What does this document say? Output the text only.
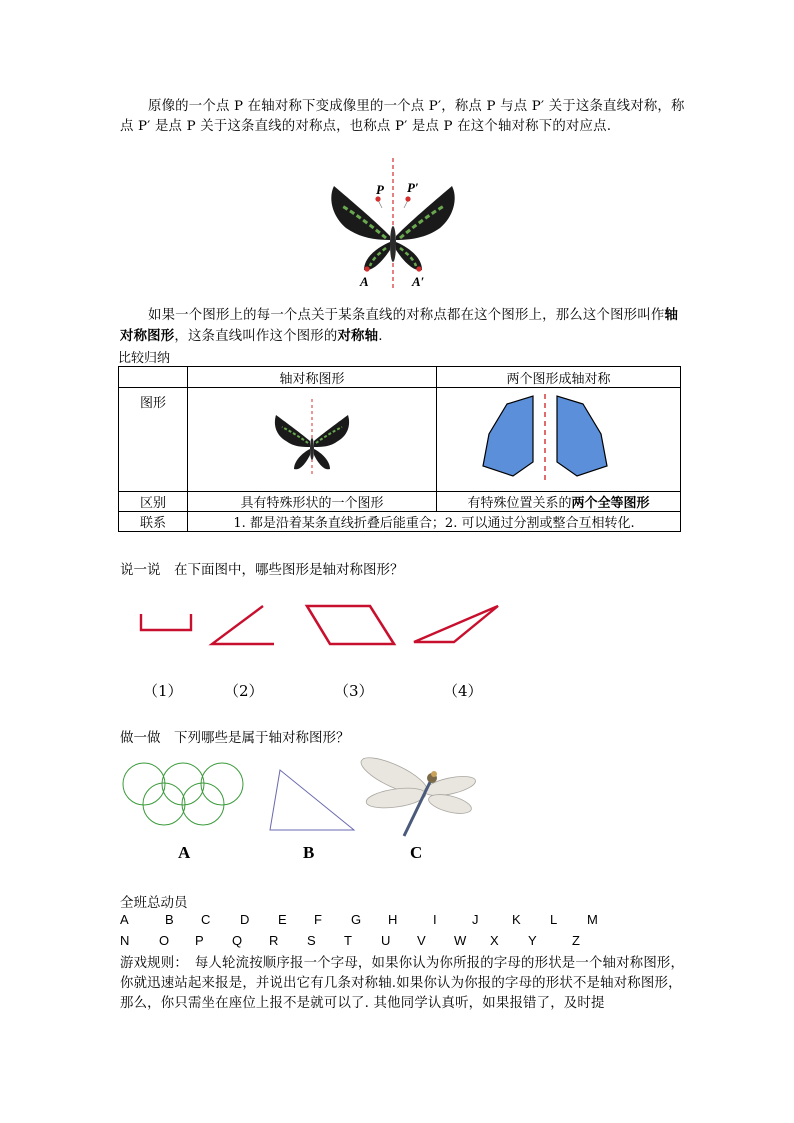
原像的一个点 P 在轴对称下变成像里的一个点 P′，称点 P 与点 P′ 关于这条直线对称，称点 P′ 是点 P 关于这条直线的对称点，也称点 P′ 是点 P 在这个轴对称下的对应点.
P P′
A	A′
如果一个图形上的每一个点关于某条直线的对称点都在这个图形上，那么这个图形叫作轴对称图形，这条直线叫作这个图形的对称轴.
比较归纳
	轴对称图形	两个图形成轴对称
图形		
区别	具有特殊形状的一个图形	有特殊位置关系的两个全等图形
联系	1. 都是沿着某条直线折叠后能重合；2. 可以通过分割或整合互相转化.	
说一说　在下面图中，哪些图形是轴对称图形？
（1）	（2）	（3）	（4）
做一做　下列哪些是属于轴对称图形？
A	B	C
全班总动员
A	B C D E F G H	I	J	K L M
N O P Q R S T U V W X Y	Z
游戏规则：　每人轮流按顺序报一个字母，如果你认为你所报的字母的形状是一个轴对称图形，你就迅速站起来报是，并说出它有几条对称轴.如果你认为你报的字母的形状不是轴对称图形，那么，你只需坐在座位上报不是就可以了. 其他同学认真听，如果报错了，及时提
